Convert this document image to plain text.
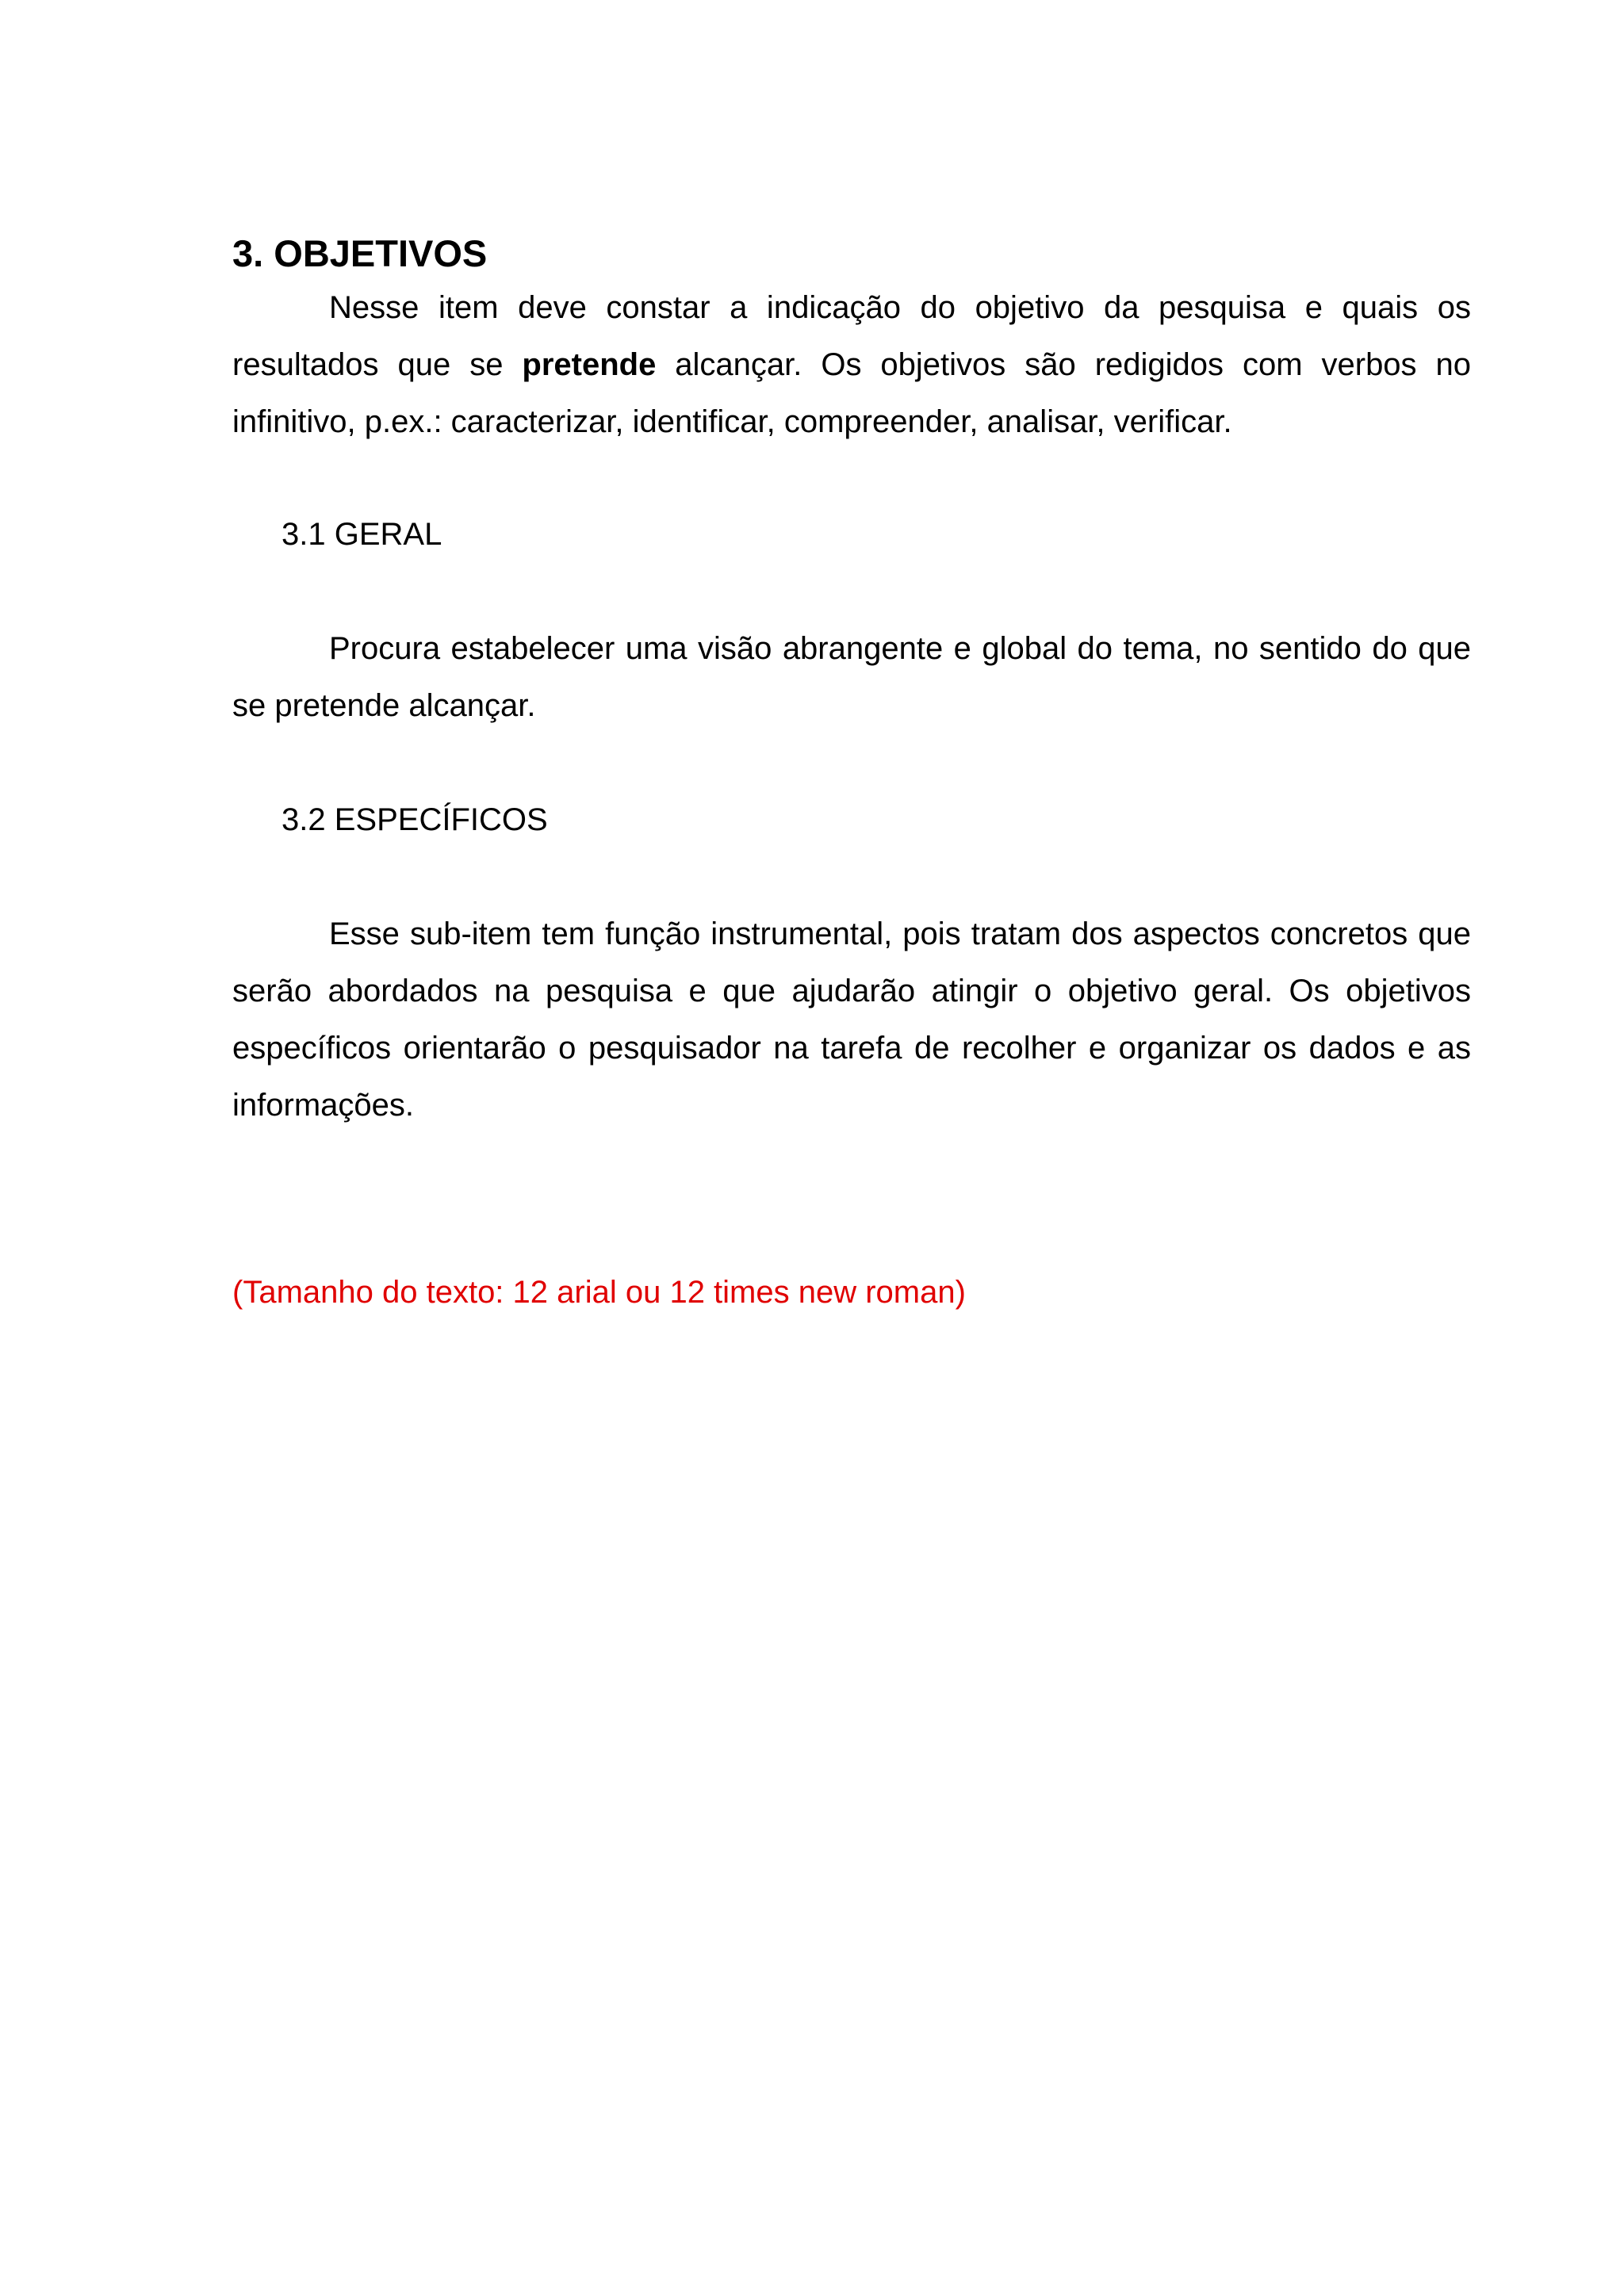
3. OBJETIVOS

Nesse item deve constar a indicação do objetivo da pesquisa e quais os resultados que se pretende alcançar. Os objetivos são redigidos com verbos no infinitivo, p.ex.: caracterizar, identificar, compreender, analisar, verificar.

3.1 GERAL

Procura estabelecer uma visão abrangente e global do tema, no sentido do que se pretende alcançar.

3.2 ESPECÍFICOS

Esse sub-item tem função instrumental, pois tratam dos aspectos concretos que serão abordados na pesquisa e que ajudarão atingir o objetivo geral. Os objetivos específicos orientarão o pesquisador na tarefa de recolher e organizar os dados e as informações.

(Tamanho do texto: 12 arial ou 12 times new roman)
